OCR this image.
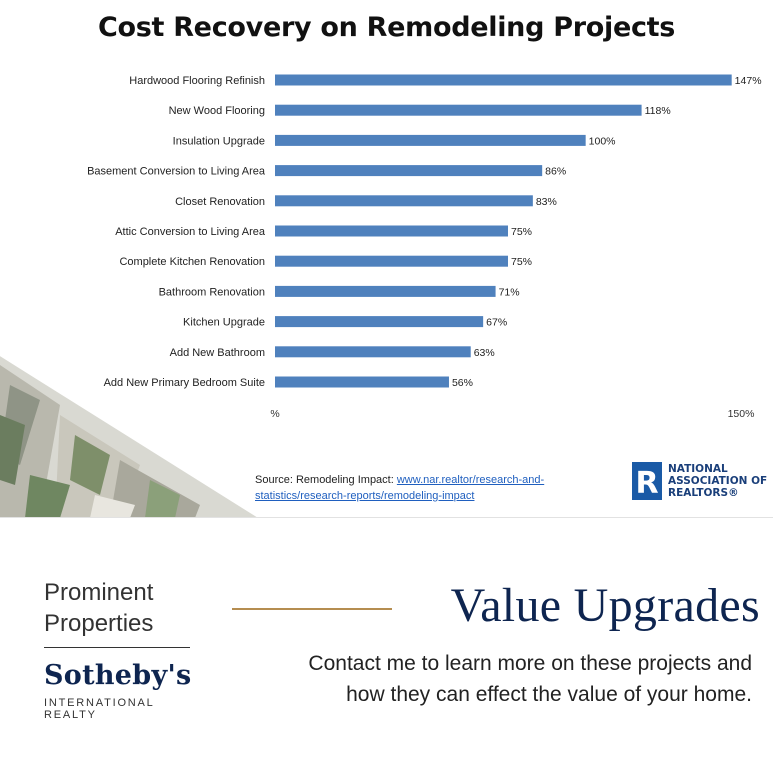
Cost Recovery on Remodeling Projects
Hardwood Flooring Refinish	147%
New Wood Flooring	118%
Insulation Upgrade	100%
Basement Conversion to Living Area	86%
Closet Renovation	83%
Attic Conversion to Living Area	75%
Complete Kitchen Renovation	75%
Bathroom Renovation	71%
Kitchen Upgrade	67%
Add New Bathroom	63%
Add New Primary Bedroom Suite	56%
%	150%
Source: Remodeling Impact: www.nar.realtor/research-and-
statistics/research-reports/remodeling-impact	R NATIONAL
ASSOCIATION OF
REALTORS®
Prominent
Properties
Sotheby's
INTERNATIONAL REALTY
Value Upgrades
Contact me to learn more on these projects and
how they can effect the value of your home.
